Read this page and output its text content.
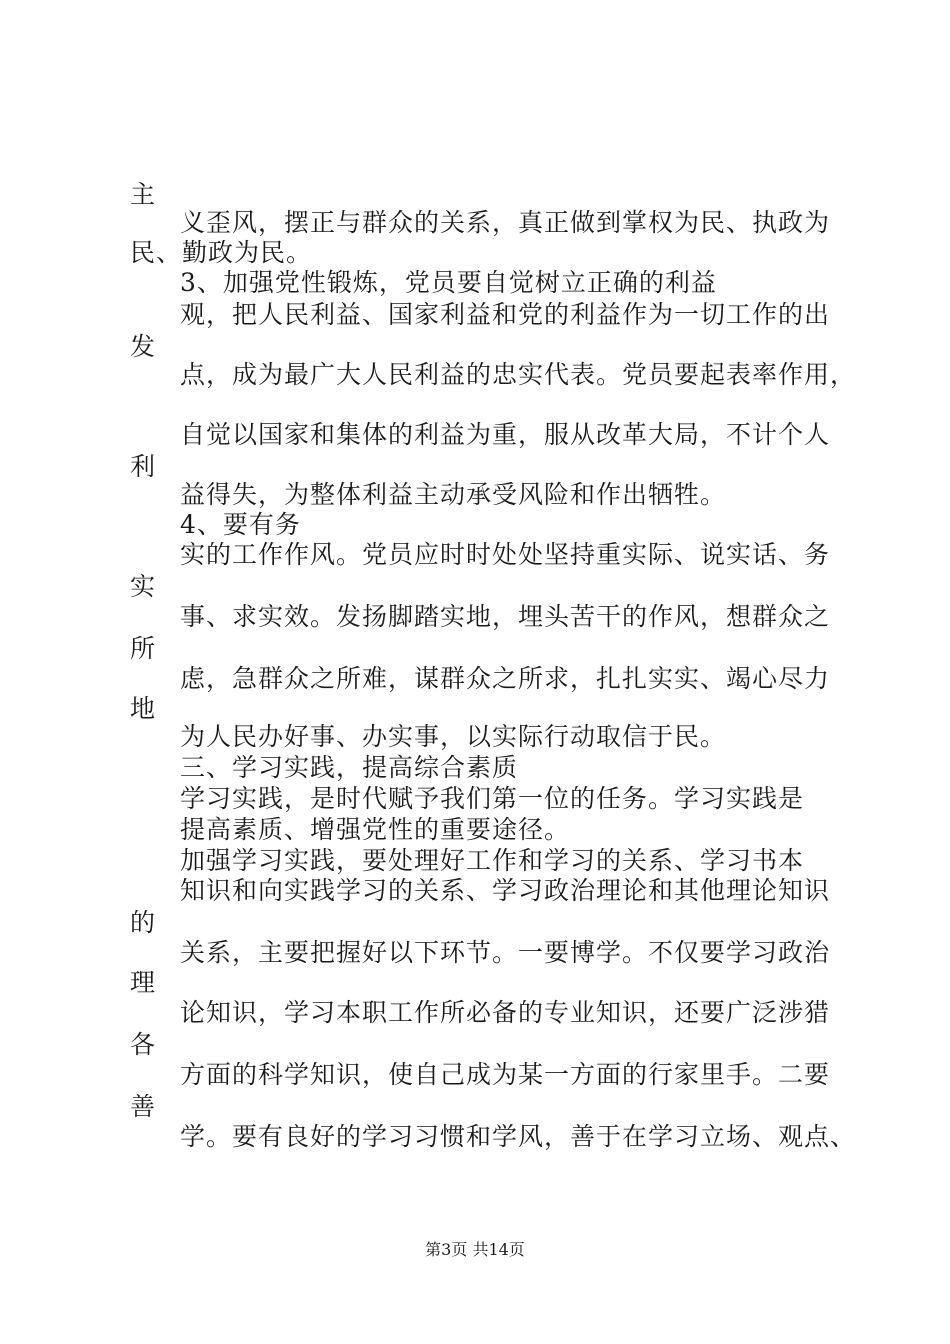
主

义歪风，摆正与群众的关系，真正做到掌权为民、执政为

民、勤政为民。

3、加强党性锻炼，党员要自觉树立正确的利益

观，把人民利益、国家利益和党的利益作为一切工作的出

发

点，成为最广大人民利益的忠实代表。党员要起表率作用，

自觉以国家和集体的利益为重，服从改革大局，不计个人

利

益得失，为整体利益主动承受风险和作出牺牲。

4、要有务

实的工作作风。党员应时时处处坚持重实际、说实话、务

实

事、求实效。发扬脚踏实地，埋头苦干的作风，想群众之

所

虑，急群众之所难，谋群众之所求，扎扎实实、竭心尽力

地

为人民办好事、办实事，以实际行动取信于民。

三、学习实践，提高综合素质

学习实践，是时代赋予我们第一位的任务。学习实践是

提高素质、增强党性的重要途径。

加强学习实践，要处理好工作和学习的关系、学习书本

知识和向实践学习的关系、学习政治理论和其他理论知识

的

关系，主要把握好以下环节。一要博学。不仅要学习政治

理

论知识，学习本职工作所必备的专业知识，还要广泛涉猎

各

方面的科学知识，使自己成为某一方面的行家里手。二要

善

学。要有良好的学习习惯和学风，善于在学习立场、观点、

第3页 共14页
